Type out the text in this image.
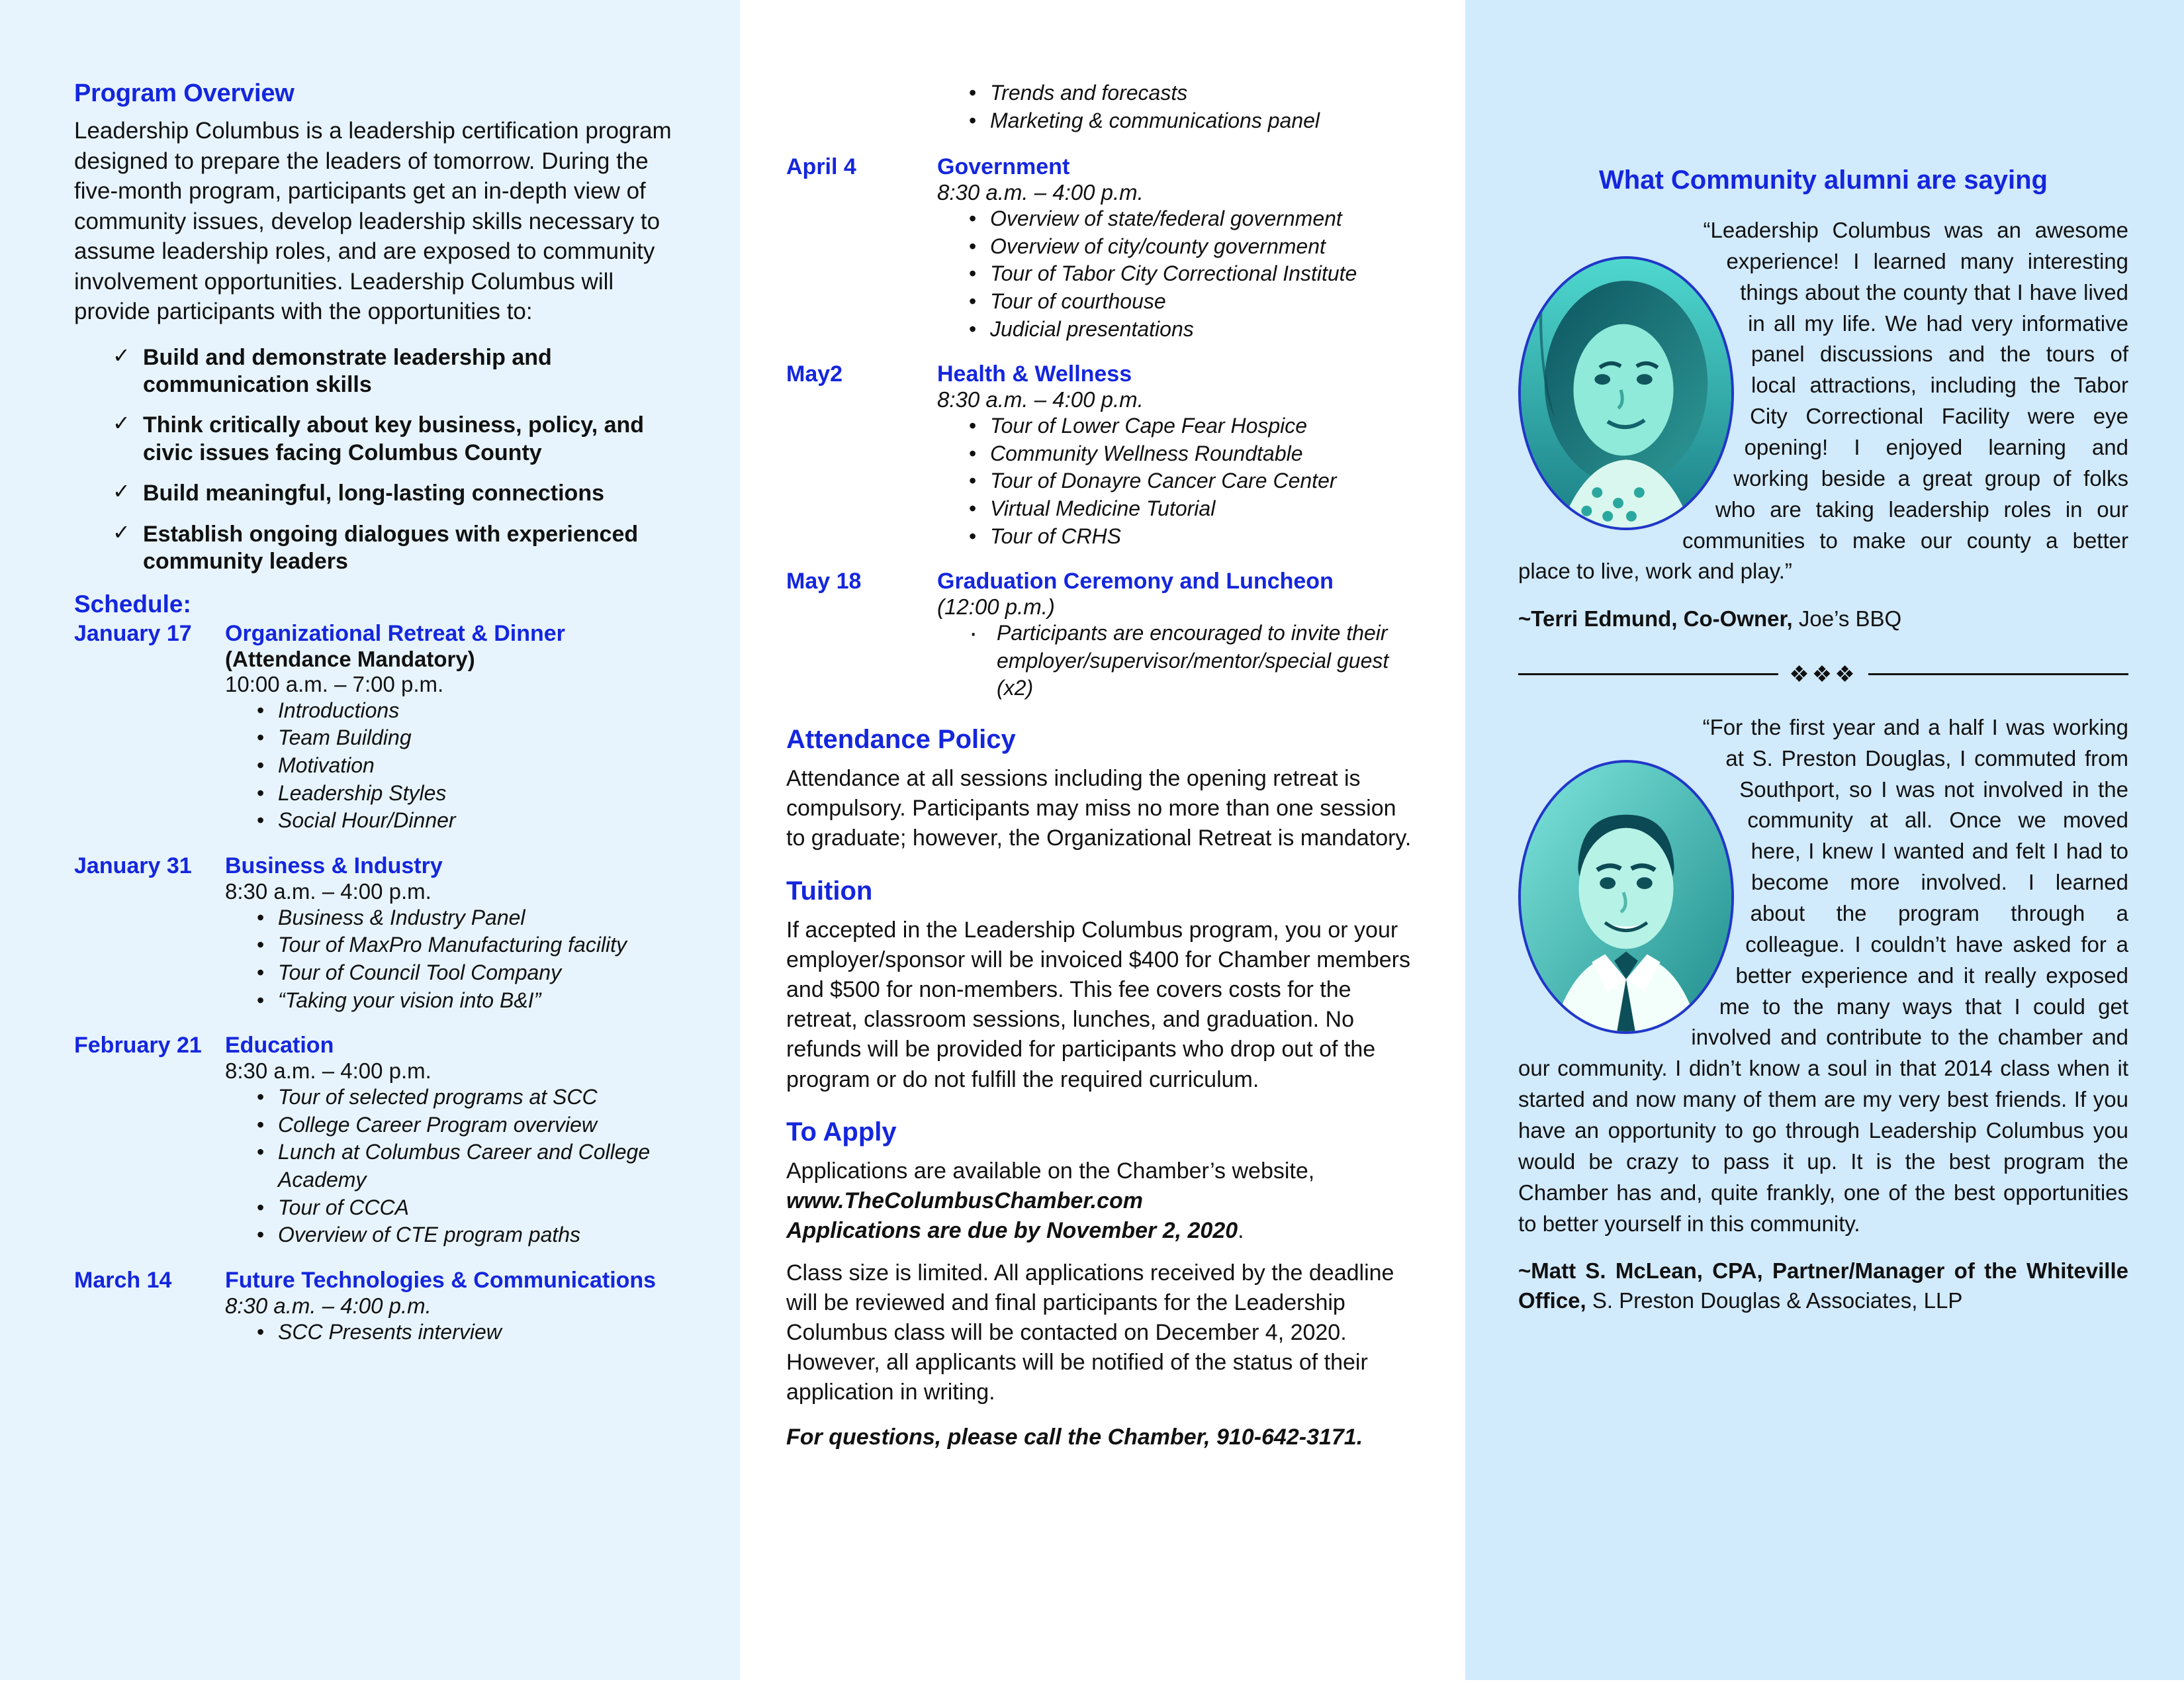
Program Overview

Leadership Columbus is a leadership certification program designed to prepare the leaders of tomorrow. During the five-month program, participants get an in-depth view of community issues, develop leadership skills necessary to assume leadership roles, and are exposed to community involvement opportunities. Leadership Columbus will provide participants with the opportunities to:

✓ Build and demonstrate leadership and communication skills
✓ Think critically about key business, policy, and civic issues facing Columbus County
✓ Build meaningful, long-lasting connections
✓ Establish ongoing dialogues with experienced community leaders
Schedule:
January 17	Organizational Retreat & Dinner
(Attendance Mandatory)
10:00 a.m. – 7:00 p.m.
• Introductions
• Team Building
• Motivation
• Leadership Styles
• Social Hour/Dinner
January 31	Business & Industry
8:30 a.m. – 4:00 p.m.
• Business & Industry Panel
• Tour of MaxPro Manufacturing facility
• Tour of Council Tool Company
• “Taking your vision into B&I”
February 21	Education
8:30 a.m. – 4:00 p.m.
• Tour of selected programs at SCC
• College Career Program overview
• Lunch at Columbus Career and College Academy
• Tour of CCCA
• Overview of CTE program paths
March 14	Future Technologies & Communications
8:30 a.m. – 4:00 p.m.
• SCC Presents interview
• Trends and forecasts
• Marketing & communications panel
April 4	Government
8:30 a.m. – 4:00 p.m.
• Overview of state/federal government
• Overview of city/county government
• Tour of Tabor City Correctional Institute
• Tour of courthouse
• Judicial presentations
May2	Health & Wellness
8:30 a.m. – 4:00 p.m.
• Tour of Lower Cape Fear Hospice
• Community Wellness Roundtable
• Tour of Donayre Cancer Care Center
• Virtual Medicine Tutorial
• Tour of CRHS
May 18	Graduation Ceremony and Luncheon
(12:00 p.m.)
· Participants are encouraged to invite their employer/supervisor/mentor/special guest (x2)
Attendance Policy

Attendance at all sessions including the opening retreat is compulsory. Participants may miss no more than one session to graduate; however, the Organizational Retreat is mandatory.

Tuition

If accepted in the Leadership Columbus program, you or your employer/sponsor will be invoiced $400 for Chamber members and $500 for non-members. This fee covers costs for the retreat, classroom sessions, lunches, and graduation. No refunds will be provided for participants who drop out of the program or do not fulfill the required curriculum.

To Apply

Applications are available on the Chamber’s website,
www.TheColumbusChamber.com
Applications are due by November 2, 2020.

Class size is limited. All applications received by the deadline will be reviewed and final participants for the Leadership Columbus class will be contacted on December 4, 2020. However, all applicants will be notified of the status of their application in writing.

For questions, please call the Chamber, 910-642-3171.

What Community alumni are saying

“Leadership Columbus was an awesome experience! I learned many interesting things about the county that I have lived in all my life. We had very informative panel discussions and the tours of local attractions, including the Tabor City Correctional Facility were eye opening! I enjoyed learning and working beside a great group of folks who are taking leadership roles in our communities to make our county a better place to live, work and play.”

~Terri Edmund, Co-Owner, Joe’s BBQ

❖❖❖

“For the first year and a half I was working at S. Preston Douglas, I commuted from Southport, so I was not involved in the community at all. Once we moved here, I knew I wanted and felt I had to become more involved. I learned about the program through a colleague. I couldn’t have asked for a better experience and it really exposed me to the many ways that I could get involved and contribute to the chamber and our community. I didn’t know a soul in that 2014 class when it started and now many of them are my very best friends. If you have an opportunity to go through Leadership Columbus you would be crazy to pass it up. It is the best program the Chamber has and, quite frankly, one of the best opportunities to better yourself in this community.

~Matt S. McLean, CPA, Partner/Manager of the Whiteville Office, S. Preston Douglas & Associates, LLP
